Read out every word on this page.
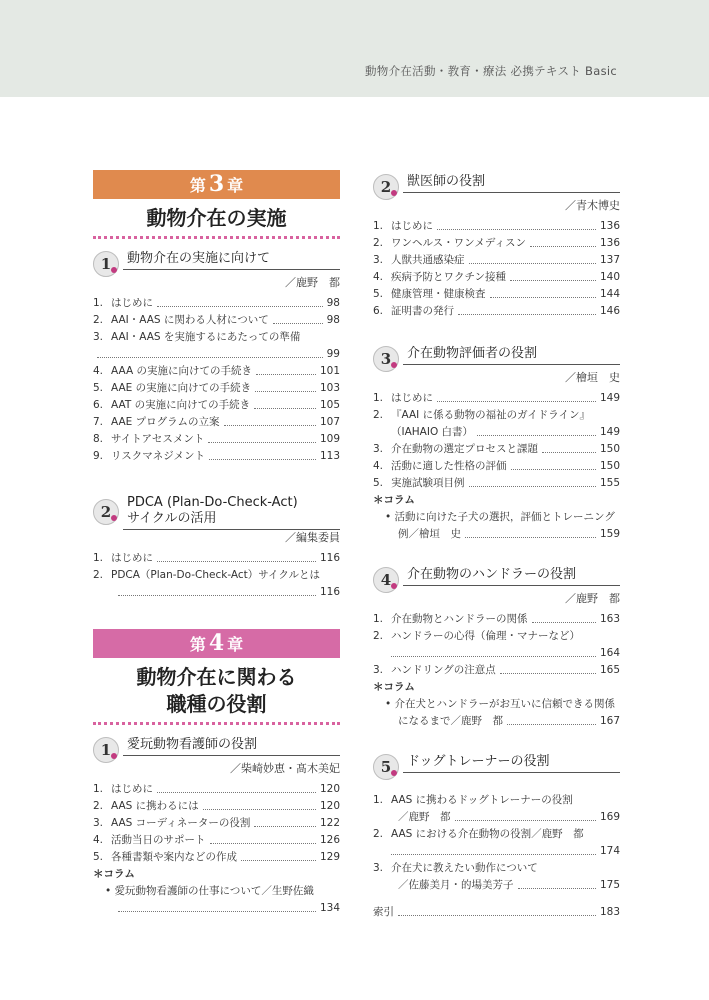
動物介在活動・教育・療法 必携テキスト Basic
第 3 章
動物介在の実施
1	動物介在の実施に向けて
／鹿野　都
1. はじめに	98
2. AAI・AAS に関わる人材について	98
3. AAI・AAS を実施するにあたっての準備
99
4. AAA の実施に向けての手続き	101
5. AAE の実施に向けての手続き	103
6. AAT の実施に向けての手続き	105
7. AAE プログラムの立案	107
8. サイトアセスメント	109
9. リスクマネジメント	113
2
PDCA (Plan-Do-Check-Act)
サイクルの活用
／編集委員
1. はじめに	116
2. PDCA（Plan-Do-Check-Act）サイクルとは
116
第 4 章
動物介在に関わる
職種の役割
1	愛玩動物看護師の役割
／柴崎妙恵・髙木美妃
1. はじめに	120
2. AAS に携わるには	120
3. AAS コーディネーターの役割	122
4. 活動当日のサポート	126
5. 各種書類や案内などの作成	129
＊コラム
• 愛玩動物看護師の仕事について／生野佐織
134
2	獣医師の役割
／青木博史
1. はじめに	136
2. ワンヘルス・ワンメディスン	136
3. 人獣共通感染症	137
4. 疾病予防とワクチン接種	140
5. 健康管理・健康検査	144
6. 証明書の発行	146
3	介在動物評価者の役割
／檜垣　史
1. はじめに	149
2. 『AAI に係る動物の福祉のガイドライン』
（IAHAIO 白書）	149
3. 介在動物の選定プロセスと課題	150
4. 活動に適した性格の評価	150
5. 実施試験項目例	155
＊コラム
• 活動に向けた子犬の選択，評価とトレーニング
例／檜垣　史	159
4	介在動物のハンドラーの役割
／鹿野　都
1. 介在動物とハンドラーの関係	163
2. ハンドラーの心得（倫理・マナーなど）
164
3. ハンドリングの注意点	165
＊コラム
• 介在犬とハンドラーがお互いに信頼できる関係
になるまで／鹿野　都	167
5	ドッグトレーナーの役割
1. AAS に携わるドッグトレーナーの役割
／鹿野　都	169
2. AAS における介在動物の役割／鹿野　都
174
3. 介在犬に教えたい動作について
／佐藤美月・的場美芳子	175
索引	183
